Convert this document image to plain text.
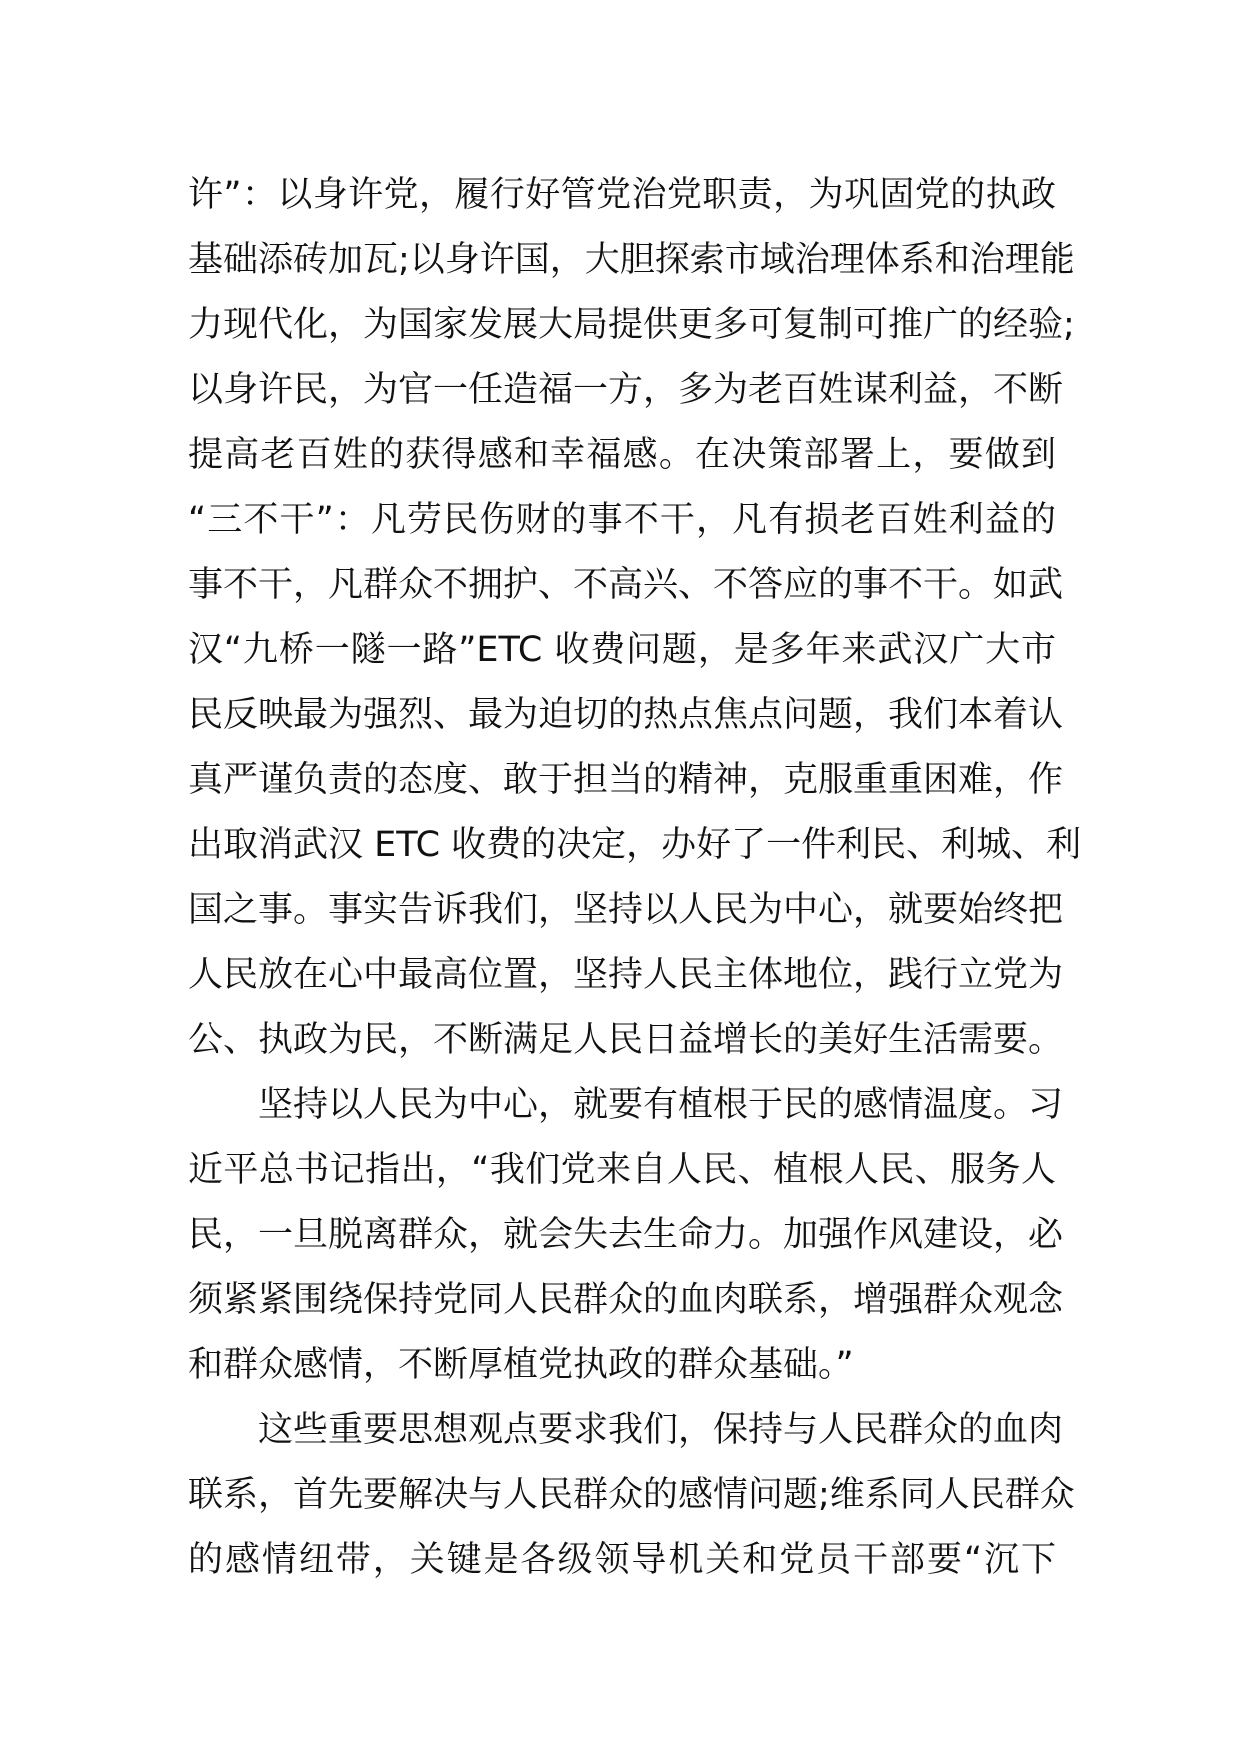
许”：以身许党，履行好管党治党职责，为巩固党的执政
基础添砖加瓦;以身许国，大胆探索市域治理体系和治理能
力现代化，为国家发展大局提供更多可复制可推广的经验;
以身许民，为官一任造福一方，多为老百姓谋利益，不断
提高老百姓的获得感和幸福感。在决策部署上，要做到
“三不干”：凡劳民伤财的事不干，凡有损老百姓利益的
事不干，凡群众不拥护、不高兴、不答应的事不干。如武
汉“九桥一隧一路”ETC 收费问题，是多年来武汉广大市
民反映最为强烈、最为迫切的热点焦点问题，我们本着认
真严谨负责的态度、敢于担当的精神，克服重重困难，作
出取消武汉 ETC 收费的决定，办好了一件利民、利城、利
国之事。事实告诉我们，坚持以人民为中心，就要始终把
人民放在心中最高位置，坚持人民主体地位，践行立党为
公、执政为民，不断满足人民日益增长的美好生活需要。
坚持以人民为中心，就要有植根于民的感情温度。习
近平总书记指出，“我们党来自人民、植根人民、服务人
民，一旦脱离群众，就会失去生命力。加强作风建设，必
须紧紧围绕保持党同人民群众的血肉联系，增强群众观念
和群众感情，不断厚植党执政的群众基础。”
这些重要思想观点要求我们，保持与人民群众的血肉
联系，首先要解决与人民群众的感情问题;维系同人民群众
的感情纽带，关键是各级领导机关和党员干部要“沉下
